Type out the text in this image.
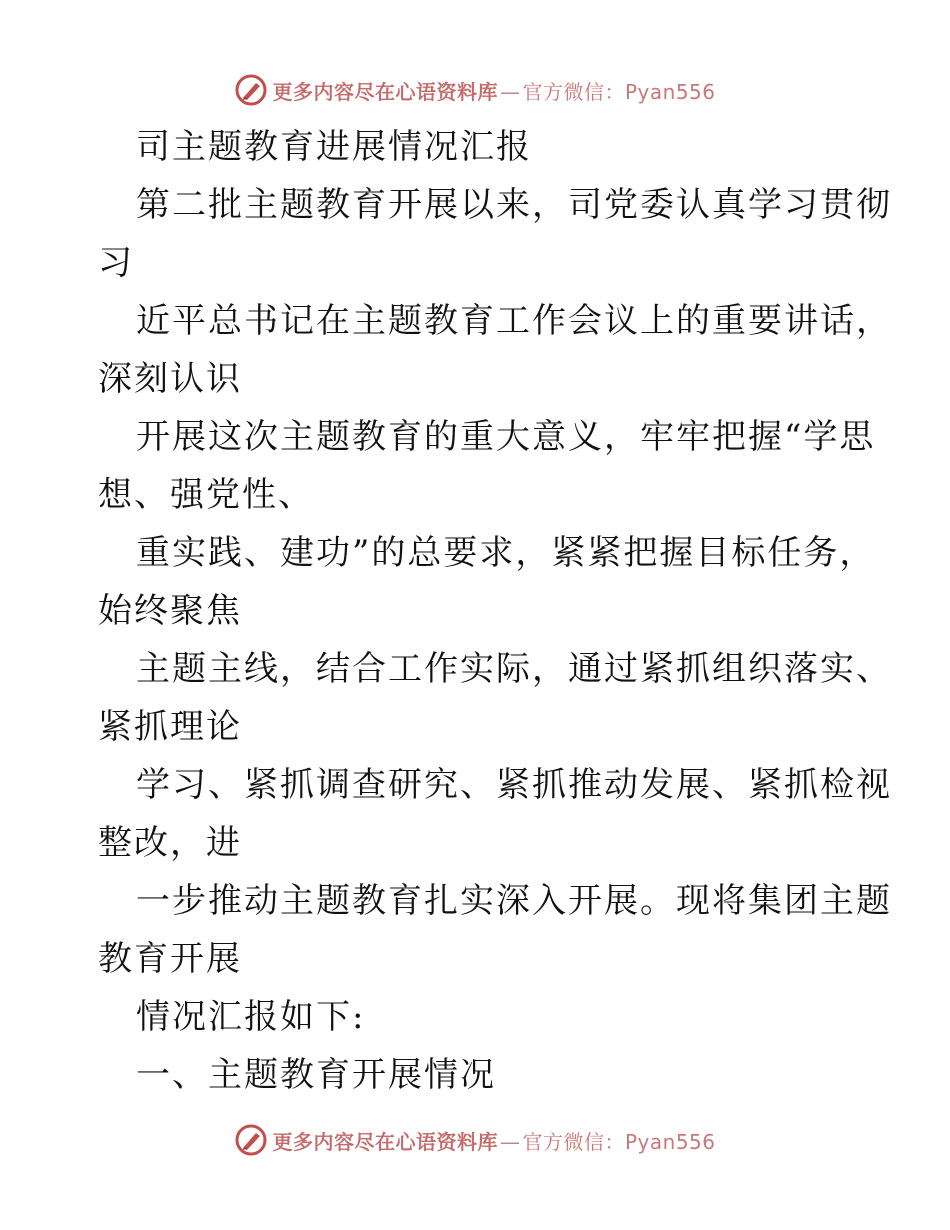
更多内容尽在心语资料库 — 官方微信：Pyan556
司主题教育进展情况汇报
第二批主题教育开展以来，司党委认真学习贯彻
习
近平总书记在主题教育工作会议上的重要讲话，
深刻认识
开展这次主题教育的重大意义，牢牢把握“学思
想、强党性、
重实践、建功”的总要求，紧紧把握目标任务，
始终聚焦
主题主线，结合工作实际，通过紧抓组织落实、
紧抓理论
学习、紧抓调查研究、紧抓推动发展、紧抓检视
整改，进
一步推动主题教育扎实深入开展。现将集团主题
教育开展
情况汇报如下:
一、主题教育开展情况
更多内容尽在心语资料库 — 官方微信：Pyan556
